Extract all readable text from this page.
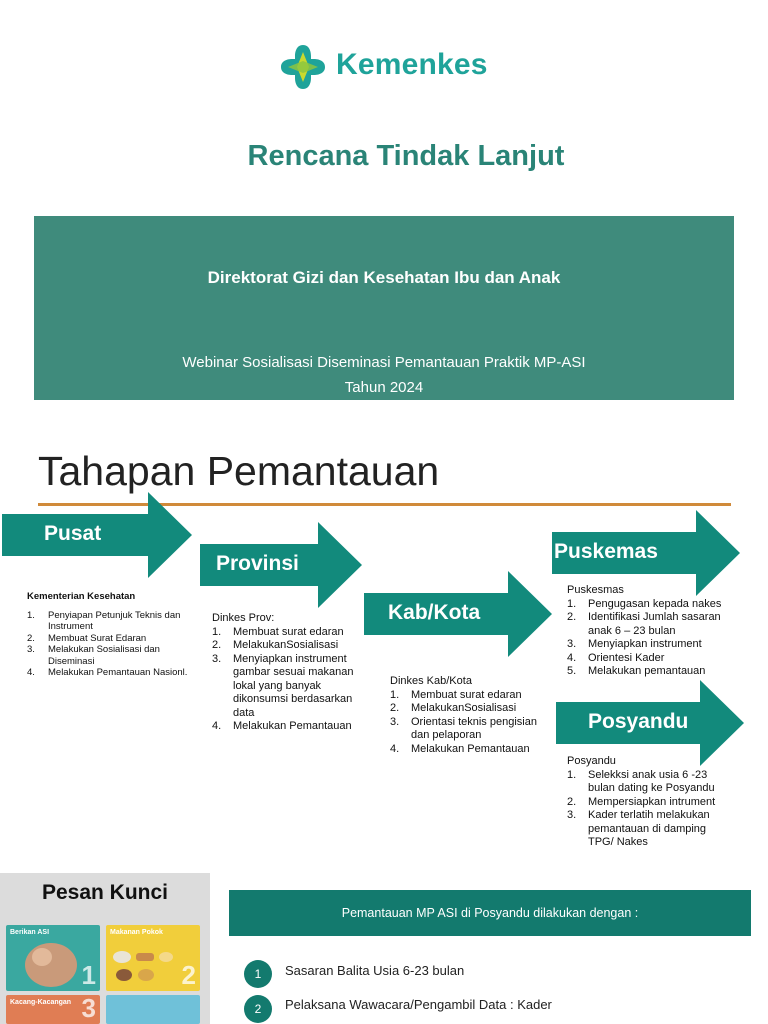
Kemenkes
Rencana Tindak Lanjut
Direktorat Gizi dan Kesehatan Ibu dan Anak
Webinar Sosialisasi Diseminasi Pemantauan Praktik MP-ASI
Tahun 2024
Tahapan Pemantauan
Pusat
Provinsi
Kab/Kota
Puskemas
Posyandu
Kementerian Kesehatan
1. Penyiapan Petunjuk Teknis dan Instrument
2. Membuat Surat Edaran
3. Melakukan Sosialisasi dan Diseminasi
4. Melakukan Pemantauan Nasionl.
Dinkes Prov:
1. Membuat surat edaran
2. MelakukanSosialisasi
3. Menyiapkan instrument gambar sesuai makanan lokal yang banyak dikonsumsi berdasarkan data
4. Melakukan Pemantauan
Dinkes Kab/Kota
1. Membuat surat edaran
2. MelakukanSosialisasi
3. Orientasi teknis pengisian dan pelaporan
4. Melakukan Pemantauan
Puskesmas
1. Pengugasan kepada nakes
2. Identifikasi Jumlah sasaran anak 6 – 23 bulan
3. Menyiapkan instrument
4. Orientesi Kader
5. Melakukan pemantauan
Posyandu
1. Selekksi anak usia 6 -23 bulan dating ke Posyandu
2. Mempersiapkan intrument
3. Kader terlatih melakukan pemantauan di damping TPG/ Nakes
Pesan Kunci
Berikan ASI
1
Makanan Pokok
2
Kacang-Kacangan 3
Pemantauan MP ASI di Posyandu dilakukan dengan :
1	Sasaran Balita Usia 6-23 bulan
2	Pelaksana Wawacara/Pengambil Data : Kader
